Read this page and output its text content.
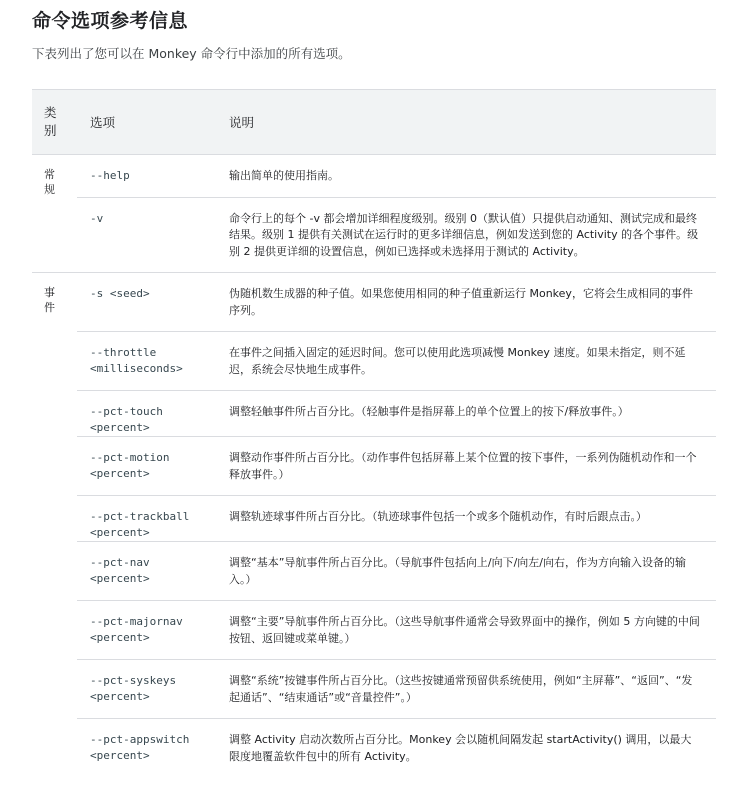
命令选项参考信息
下表列出了您可以在 Monkey 命令行中添加的所有选项。
类
别	选项	说明
常
规	--help	输出简单的使用指南。
	-v	命令行上的每个 -v 都会增加详细程度级别。级别 0（默认值）只提供启动通知、测试完成和最终结果。级别 1 提供有关测试在运行时的更多详细信息，例如发送到您的 Activity 的各个事件。级别 2 提供更详细的设置信息，例如已选择或未选择用于测试的 Activity。
事
件	-s <seed>	伪随机数生成器的种子值。如果您使用相同的种子值重新运行 Monkey，它将会生成相同的事件序列。
	--throttle
<milliseconds>	在事件之间插入固定的延迟时间。您可以使用此选项减慢 Monkey 速度。如果未指定，则不延迟，系统会尽快地生成事件。
	--pct-touch
<percent>	调整轻触事件所占百分比。（轻触事件是指屏幕上的单个位置上的按下/释放事件。）
	--pct-motion
<percent>	调整动作事件所占百分比。（动作事件包括屏幕上某个位置的按下事件，一系列伪随机动作和一个释放事件。）
	--pct-trackball
<percent>	调整轨迹球事件所占百分比。（轨迹球事件包括一个或多个随机动作，有时后跟点击。）
	--pct-nav
<percent>	调整“基本”导航事件所占百分比。（导航事件包括向上/向下/向左/向右，作为方向输入设备的输入。）
	--pct-majornav
<percent>	调整“主要”导航事件所占百分比。（这些导航事件通常会导致界面中的操作，例如 5 方向键的中间按钮、返回键或菜单键。）
	--pct-syskeys
<percent>	调整“系统”按键事件所占百分比。（这些按键通常预留供系统使用，例如“主屏幕”、“返回”、“发起通话”、“结束通话”或“音量控件”。）
	--pct-appswitch
<percent>	调整 Activity 启动次数所占百分比。Monkey 会以随机间隔发起 startActivity() 调用，以最大限度地覆盖软件包中的所有 Activity。
